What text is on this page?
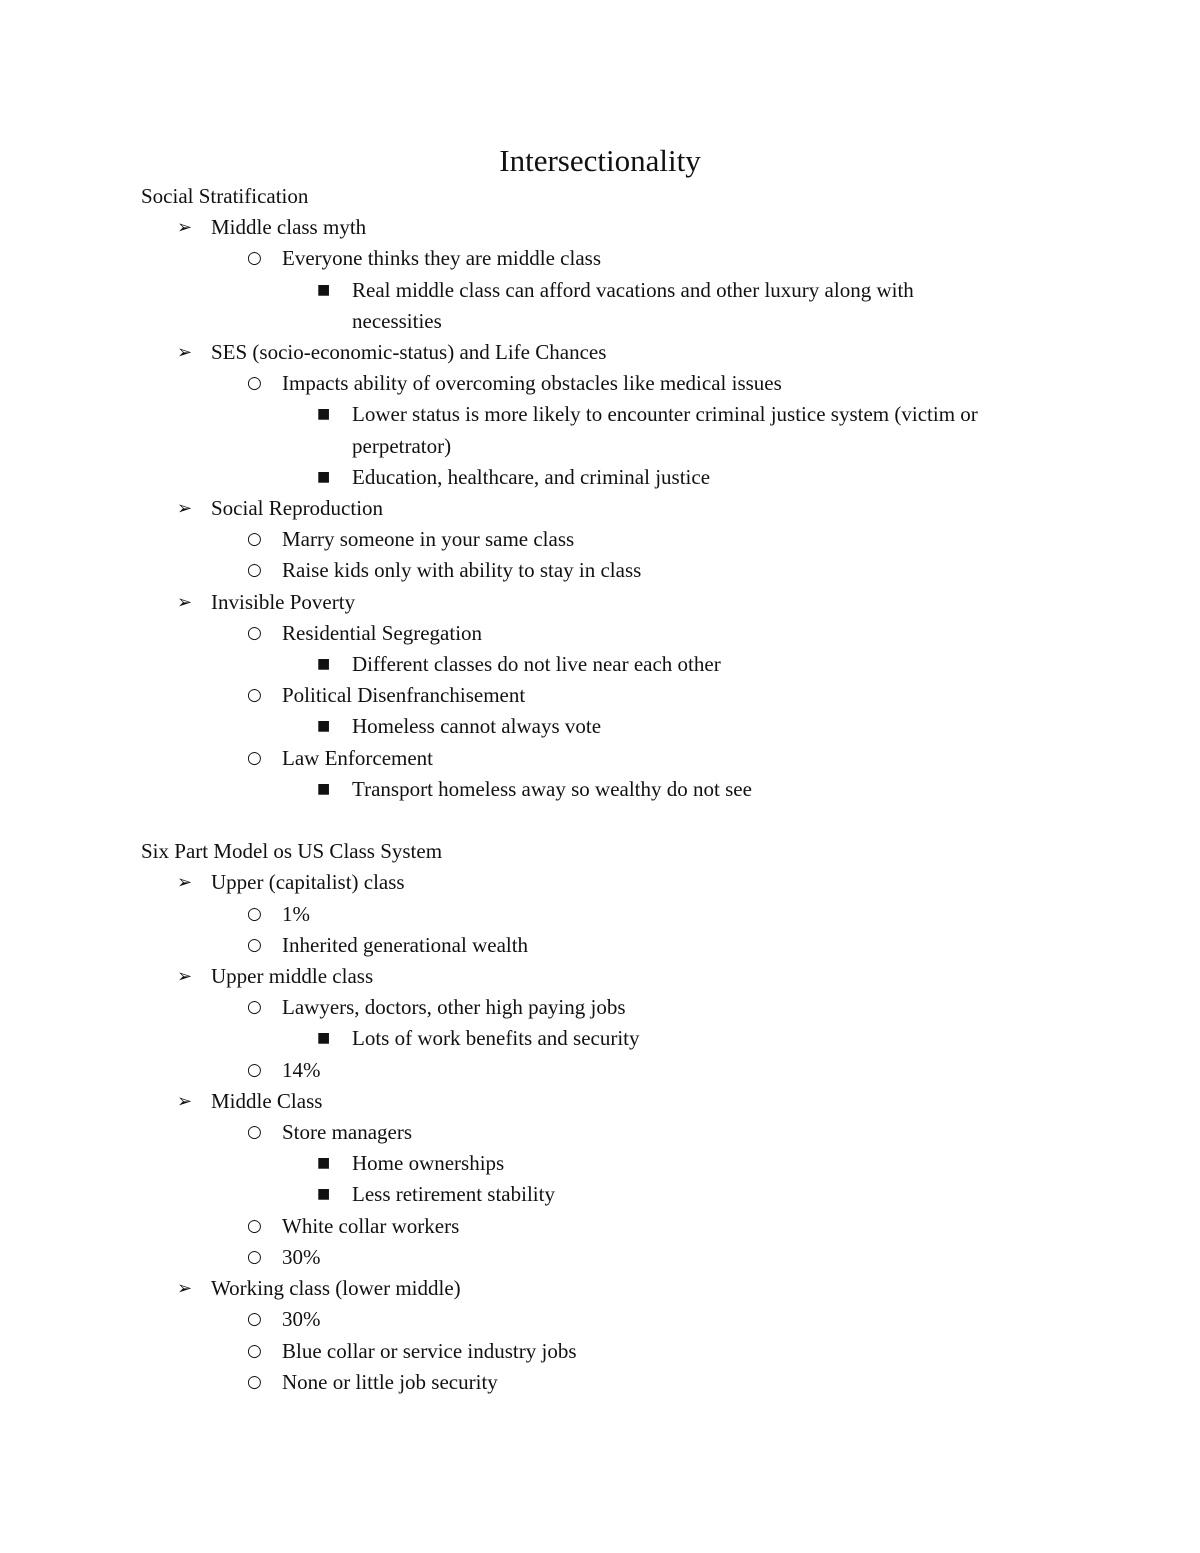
Intersectionality
Social Stratification
➢ Middle class myth
○ Everyone thinks they are middle class
■ Real middle class can afford vacations and other luxury along with
necessities
➢ SES (socio-economic-status) and Life Chances
○ Impacts ability of overcoming obstacles like medical issues
■ Lower status is more likely to encounter criminal justice system (victim or
perpetrator)
■ Education, healthcare, and criminal justice
➢ Social Reproduction
○ Marry someone in your same class
○ Raise kids only with ability to stay in class
➢ Invisible Poverty
○ Residential Segregation
■ Different classes do not live near each other
○ Political Disenfranchisement
■ Homeless cannot always vote
○ Law Enforcement
■ Transport homeless away so wealthy do not see
Six Part Model os US Class System
➢ Upper (capitalist) class
○ 1%
○ Inherited generational wealth
➢ Upper middle class
○ Lawyers, doctors, other high paying jobs
■ Lots of work benefits and security
○ 14%
➢ Middle Class
○ Store managers
■ Home ownerships
■ Less retirement stability
○ White collar workers
○ 30%
➢ Working class (lower middle)
○ 30%
○ Blue collar or service industry jobs
○ None or little job security
